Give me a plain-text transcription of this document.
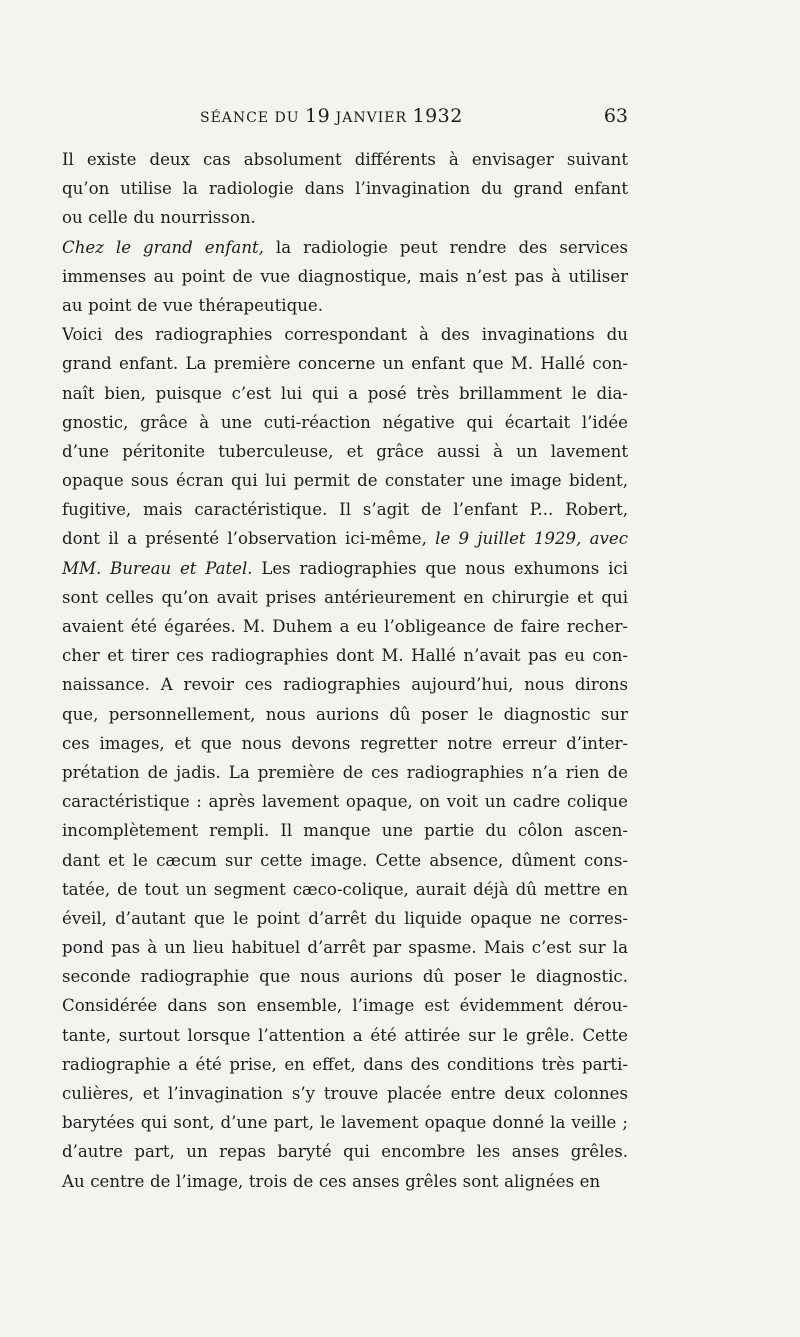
SÉANCE DU 19 JANVIER 1932	63
Il existe deux cas absolument différents à envisager suivant
qu’on utilise la radiologie dans l’invagination du grand enfant
ou celle du nourrisson.
Chez le grand enfant, la radiologie peut rendre des services
immenses au point de vue diagnostique, mais n’est pas à utiliser
au point de vue thérapeutique.
Voici des radiographies correspondant à des invaginations du
grand enfant. La première concerne un enfant que M. Hallé con-
naît bien, puisque c’est lui qui a posé très brillamment le dia-
gnostic, grâce à une cuti-réaction négative qui écartait l’idée
d’une péritonite tuberculeuse, et grâce aussi à un lavement
opaque sous écran qui lui permit de constater une image bident,
fugitive, mais caractéristique. Il s’agit de l’enfant P... Robert,
dont il a présenté l’observation ici-même, le 9 juillet 1929, avec
MM. Bureau et Patel. Les radiographies que nous exhumons ici
sont celles qu’on avait prises antérieurement en chirurgie et qui
avaient été égarées. M. Duhem a eu l’obligeance de faire recher-
cher et tirer ces radiographies dont M. Hallé n’avait pas eu con-
naissance. A revoir ces radiographies aujourd’hui, nous dirons
que, personnellement, nous aurions dû poser le diagnostic sur
ces images, et que nous devons regretter notre erreur d’inter-
prétation de jadis. La première de ces radiographies n’a rien de
caractéristique : après lavement opaque, on voit un cadre colique
incomplètement rempli. Il manque une partie du côlon ascen-
dant et le cæcum sur cette image. Cette absence, dûment cons-
tatée, de tout un segment cæco-colique, aurait déjà dû mettre en
éveil, d’autant que le point d’arrêt du liquide opaque ne corres-
pond pas à un lieu habituel d’arrêt par spasme. Mais c’est sur la
seconde radiographie que nous aurions dû poser le diagnostic.
Considérée dans son ensemble, l’image est évidemment dérou-
tante, surtout lorsque l’attention a été attirée sur le grêle. Cette
radiographie a été prise, en effet, dans des conditions très parti-
culières, et l’invagination s’y trouve placée entre deux colonnes
barytées qui sont, d’une part, le lavement opaque donné la veille ;
d’autre part, un repas baryté qui encombre les anses grêles.
Au centre de l’image, trois de ces anses grêles sont alignées en
